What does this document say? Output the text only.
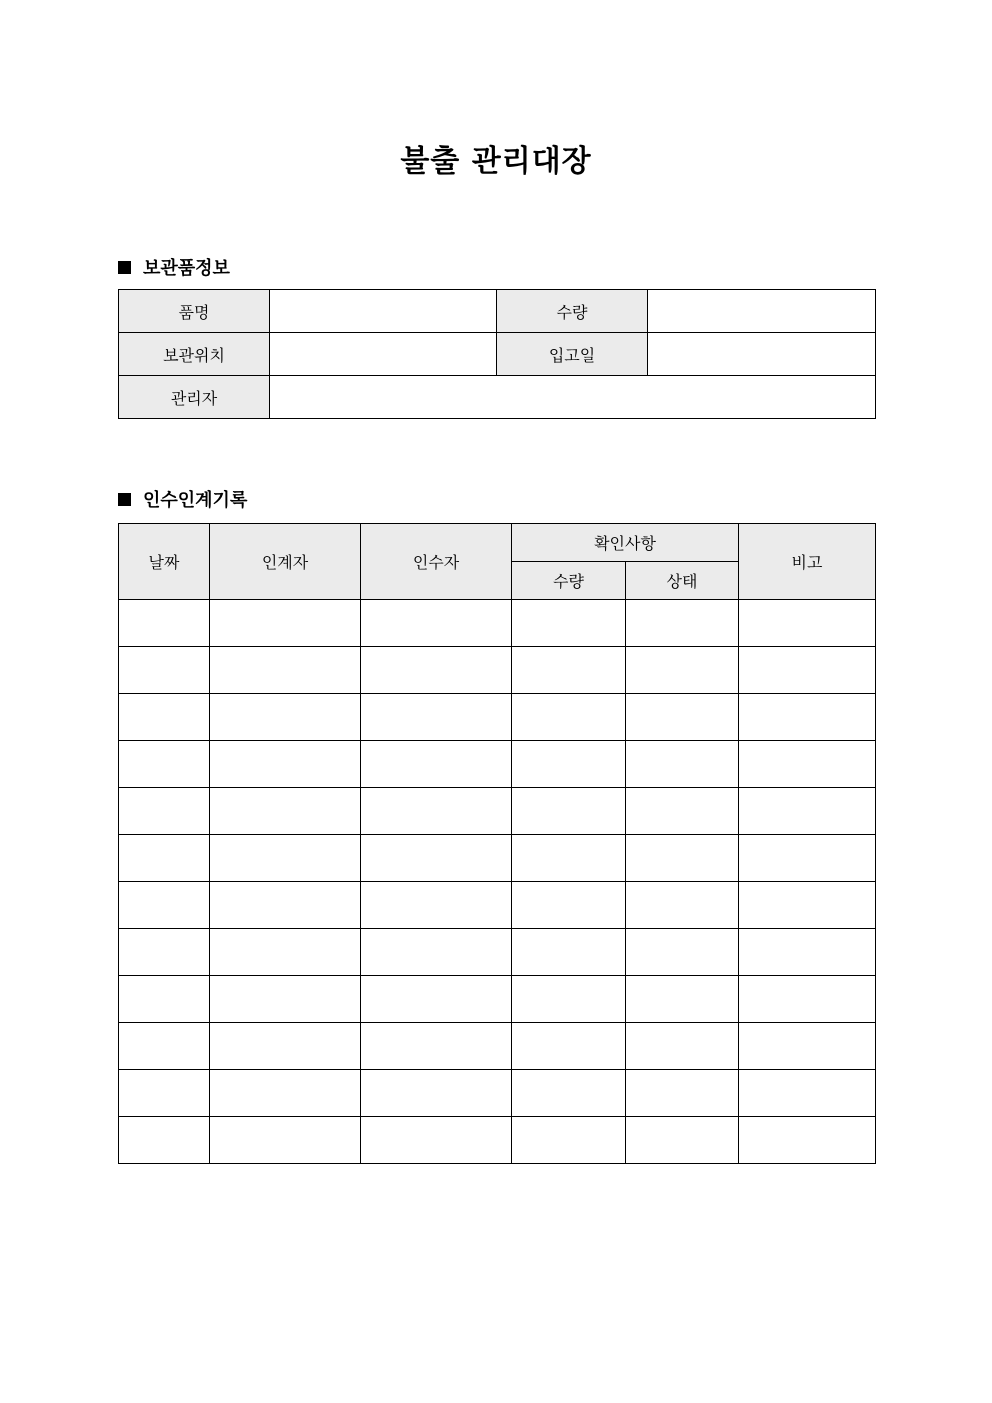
불출 관리대장
보관품정보
품명		수량	
보관위치		입고일	
관리자			
인수인계기록
날짜	인계자	인수자	확인사항		비고
			수량	상태	
